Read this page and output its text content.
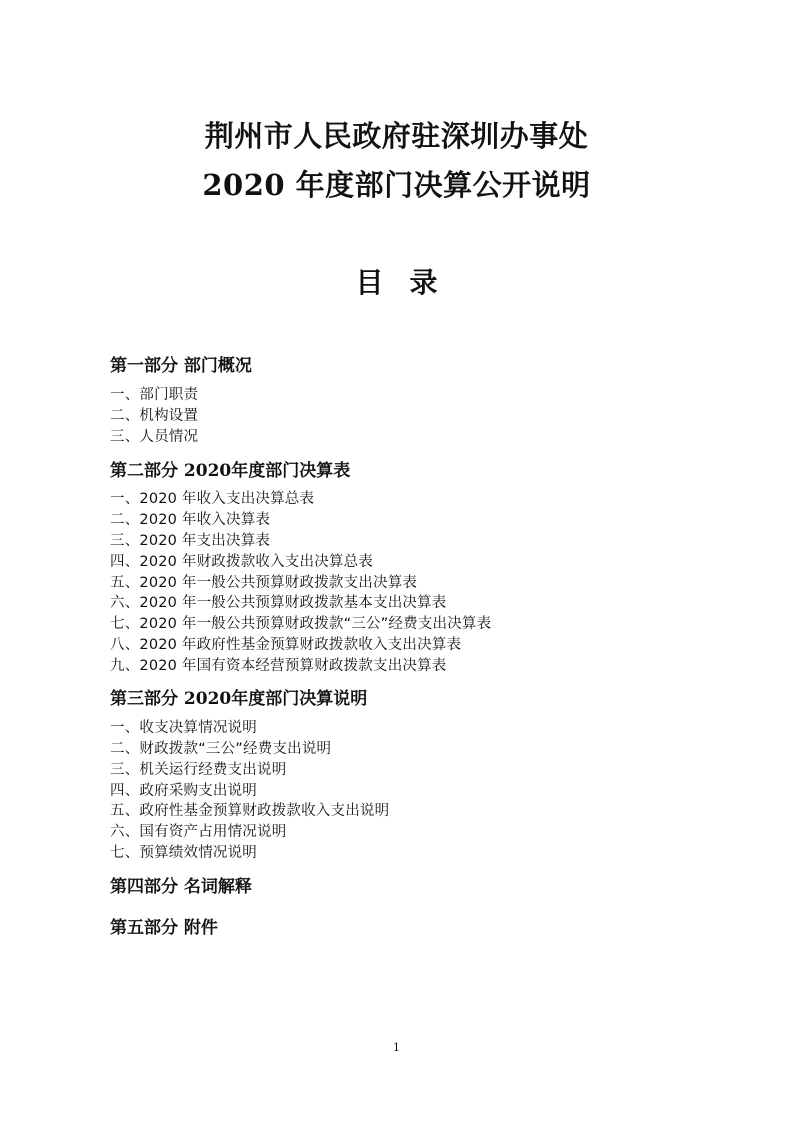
荆州市人民政府驻深圳办事处
2020 年度部门决算公开说明
目录
第一部分 部门概况
一、部门职责
二、机构设置
三、人员情况
第二部分 2020年度部门决算表
一、2020 年收入支出决算总表
二、2020 年收入决算表
三、2020 年支出决算表
四、2020 年财政拨款收入支出决算总表
五、2020 年一般公共预算财政拨款支出决算表
六、2020 年一般公共预算财政拨款基本支出决算表
七、2020 年一般公共预算财政拨款“三公”经费支出决算表
八、2020 年政府性基金预算财政拨款收入支出决算表
九、2020 年国有资本经营预算财政拨款支出决算表
第三部分 2020年度部门决算说明
一、收支决算情况说明
二、财政拨款“三公”经费支出说明
三、机关运行经费支出说明
四、政府采购支出说明
五、政府性基金预算财政拨款收入支出说明
六、国有资产占用情况说明
七、预算绩效情况说明
第四部分 名词解释
第五部分 附件
1
